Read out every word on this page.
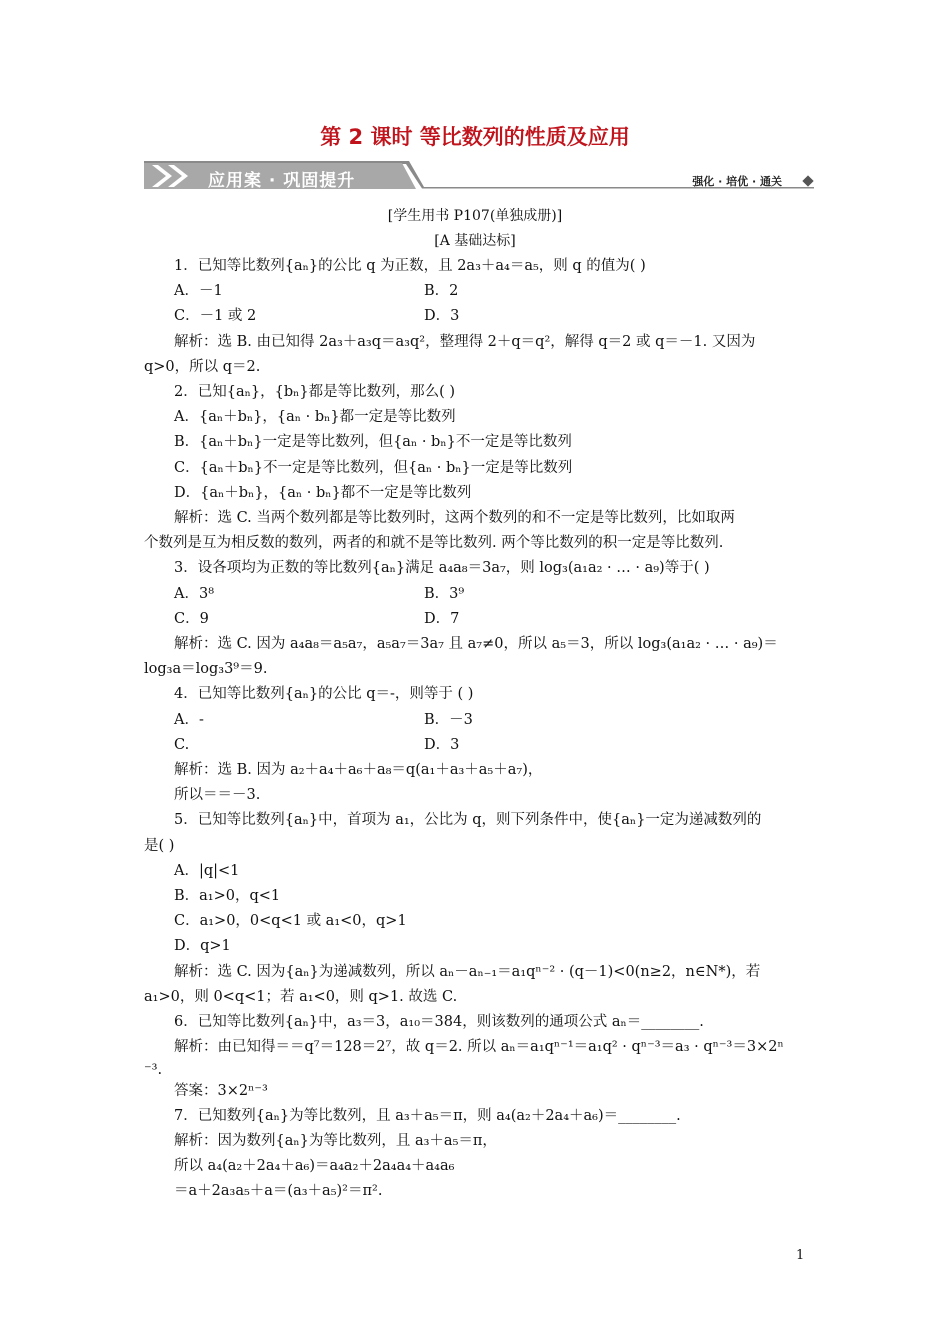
第 2 课时 等比数列的性质及应用
应用案 · 巩固提升	强化 · 培优 · 通关
[学生用书 P107(单独成册)]
[A 基础达标]

1．已知等比数列{aₙ}的公比 q 为正数，且 2a₃＋a₄＝a₅，则 q 的值为( )

A．－1	B．2
C．－1 或 2	D．3

解析：选 B. 由已知得 2a₃＋a₃q＝a₃q²，整理得 2＋q＝q²，解得 q＝2 或 q＝－1. 又因为

q>0，所以 q＝2.

2．已知{aₙ}，{bₙ}都是等比数列，那么( )

A．{aₙ＋bₙ}，{aₙ · bₙ}都一定是等比数列

B．{aₙ＋bₙ}一定是等比数列，但{aₙ · bₙ}不一定是等比数列

C．{aₙ＋bₙ}不一定是等比数列，但{aₙ · bₙ}一定是等比数列

D．{aₙ＋bₙ}，{aₙ · bₙ}都不一定是等比数列

解析：选 C. 当两个数列都是等比数列时，这两个数列的和不一定是等比数列，比如取两

个数列是互为相反数的数列，两者的和就不是等比数列. 两个等比数列的积一定是等比数列.

3．设各项均为正数的等比数列{aₙ}满足 a₄a₈＝3a₇，则 log₃(a₁a₂ · … · a₉)等于( )

A．3⁸	B．3⁹
C．9	D．7

解析：选 C. 因为 a₄a₈＝a₅a₇，a₅a₇＝3a₇ 且 a₇≠0，所以 a₅＝3，所以 log₃(a₁a₂ · … · a₉)＝

log₃a＝log₃3⁹＝9.

4．已知等比数列{aₙ}的公比 q＝-，则等于 ( )

A．-	B．－3
C.	D．3

解析：选 B. 因为 a₂＋a₄＋a₆＋a₈＝q(a₁＋a₃＋a₅＋a₇)，

所以＝＝－3.

5．已知等比数列{aₙ}中，首项为 a₁，公比为 q，则下列条件中，使{aₙ}一定为递减数列的

是( )

A．|q|<1

B．a₁>0，q<1

C．a₁>0，0<q<1 或 a₁<0，q>1

D．q>1

解析：选 C. 因为{aₙ}为递减数列，所以 aₙ－aₙ₋₁＝a₁qⁿ⁻² · (q－1)<0(n≥2，n∈N*)，若

a₁>0，则 0<q<1；若 a₁<0，则 q>1. 故选 C.

6．已知等比数列{aₙ}中，a₃＝3，a₁₀＝384，则该数列的通项公式 aₙ＝________.

解析：由已知得＝＝q⁷＝128＝2⁷，故 q＝2. 所以 aₙ＝a₁qⁿ⁻¹＝a₁q² · qⁿ⁻³＝a₃ · qⁿ⁻³＝3×2ⁿ

⁻³.

答案：3×2ⁿ⁻³

7．已知数列{aₙ}为等比数列，且 a₃＋a₅＝π，则 a₄(a₂＋2a₄＋a₆)＝________.

解析：因为数列{aₙ}为等比数列，且 a₃＋a₅＝π，

所以 a₄(a₂＋2a₄＋a₆)＝a₄a₂＋2a₄a₄＋a₄a₆

＝a＋2a₃a₅＋a＝(a₃＋a₅)²＝π².

1
